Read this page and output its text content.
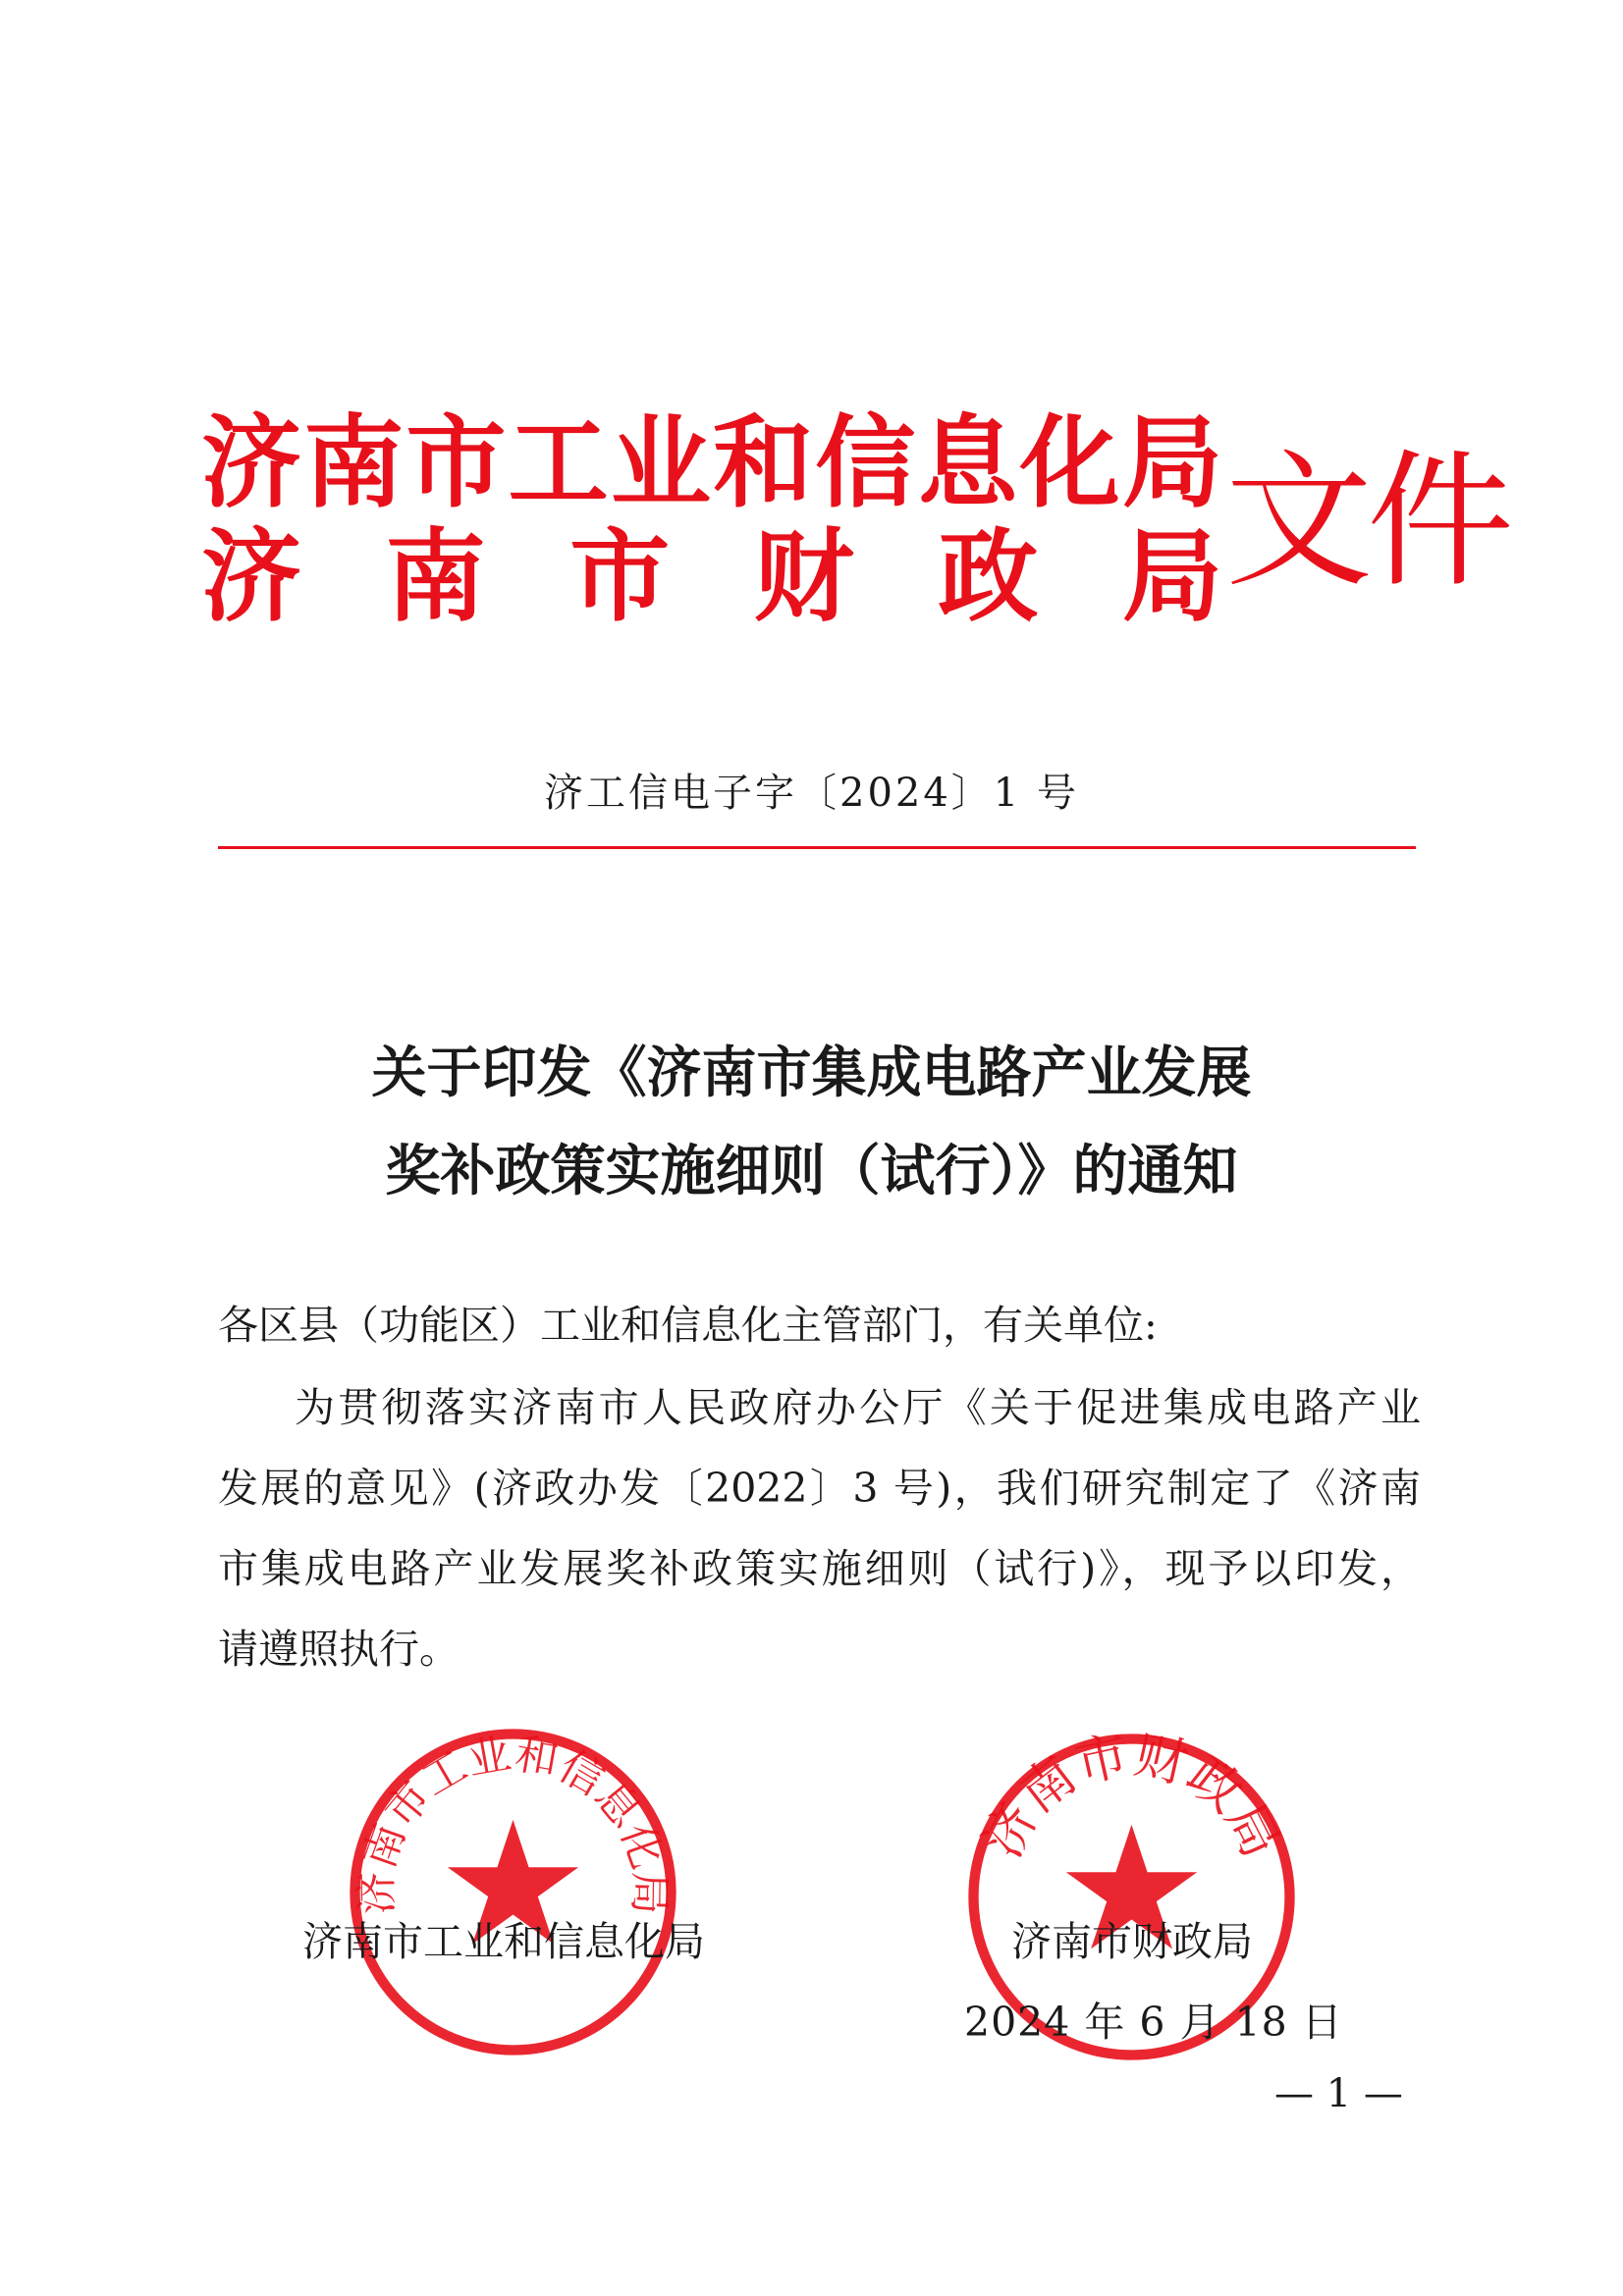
济 南 市 工 业 和 信 息 化 局
济 南 市 财 政 局 文件
济工信电子字〔2024〕1 号
关于印发《济南市集成电路产业发展
奖补政策实施细则（试行）》的通知
各区县（功能区）工业和信息化主管部门，有关单位:
为贯彻落实济南市人民政府办公厅《关于促进集成电路产业
发展的意见》(济政办发〔2022〕3 号)，我们研究制定了《济南
市集成电路产业发展奖补政策实施细则（试行)》，现予以印发，
请遵照执行。
济南市工业和信息化局
济南市财政局
济南市工业和信息化局	济南市财政局
2024 年 6 月 18 日
— 1 —
